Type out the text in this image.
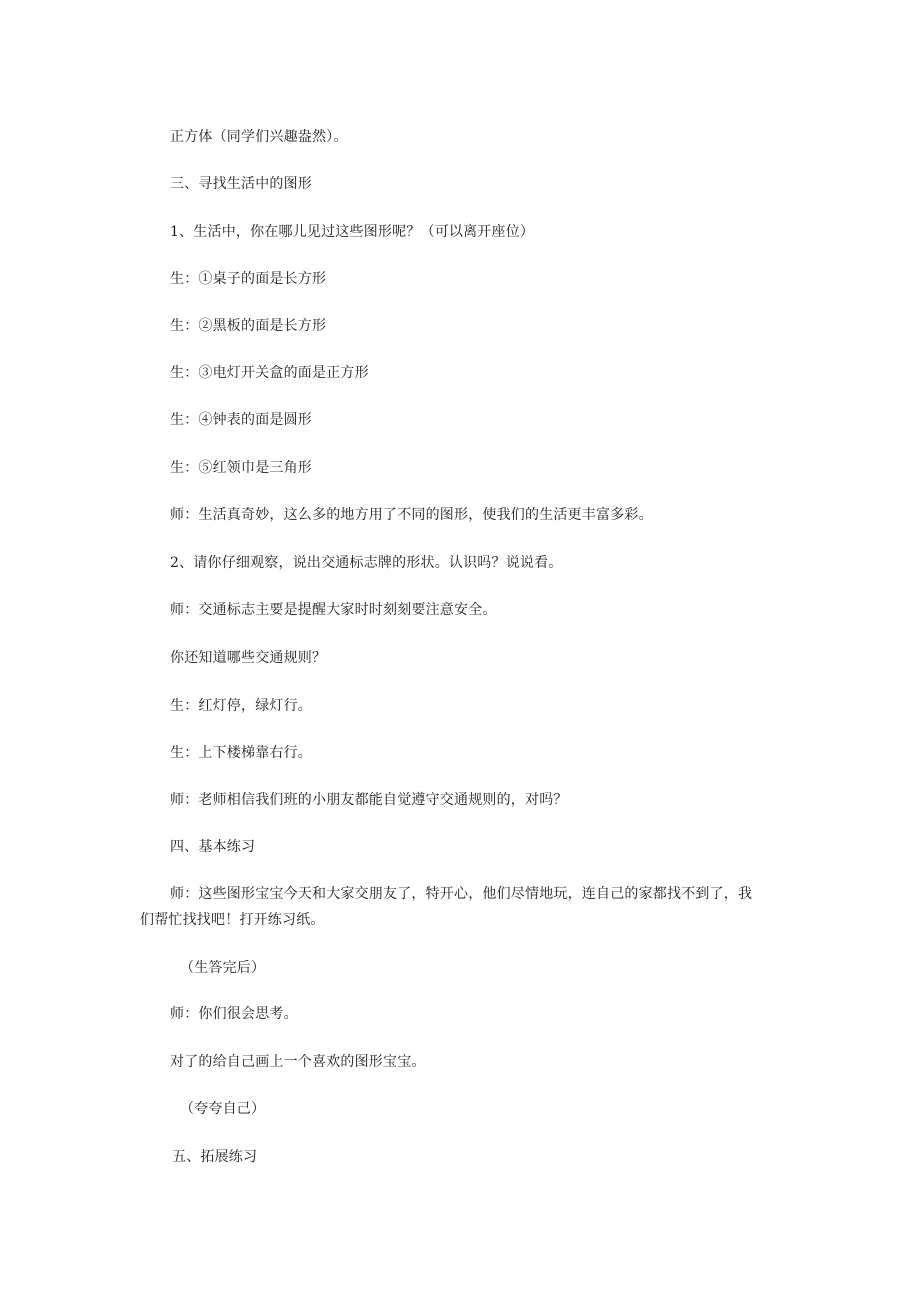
正方体（同学们兴趣盎然）。
三、寻找生活中的图形
1、生活中，你在哪儿见过这些图形呢？（可以离开座位）
生：①桌子的面是长方形
生：②黑板的面是长方形
生：③电灯开关盒的面是正方形
生：④钟表的面是圆形
生：⑤红领巾是三角形
师：生活真奇妙，这么多的地方用了不同的图形，使我们的生活更丰富多彩。
2、请你仔细观察，说出交通标志牌的形状。认识吗？说说看。
师：交通标志主要是提醒大家时时刻刻要注意安全。
你还知道哪些交通规则？
生：红灯停，绿灯行。
生：上下楼梯靠右行。
师：老师相信我们班的小朋友都能自觉遵守交通规则的，对吗？
四、基本练习
师：这些图形宝宝今天和大家交朋友了，特开心，他们尽情地玩，连自己的家都找不到了，我们帮忙找找吧！打开练习纸。
（生答完后）
师：你们很会思考。
对了的给自己画上一个喜欢的图形宝宝。
（夸夸自己）
五、拓展练习
